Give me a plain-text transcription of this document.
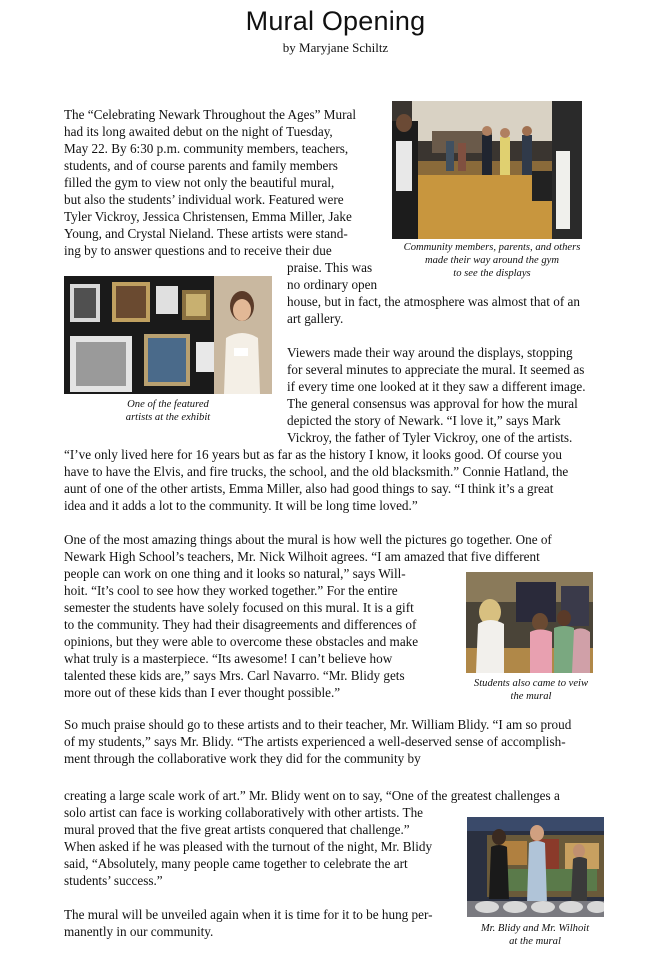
Mural Opening
by Maryjane Schiltz
The “Celebrating Newark Throughout the Ages” Mural
had its long awaited debut on the night of Tuesday,
May 22. By 6:30 p.m. community members, teachers,
students, and of course parents and family members
filled the gym to view not only the beautiful mural,
but also the students’ individual work. Featured were
Tyler Vickroy, Jessica Christensen, Emma Miller, Jake
Young, and Crystal Nieland. These artists were stand-
ing by to answer questions and to receive their due
praise. This was
no ordinary open
house, but in fact, the atmosphere was almost that of an
art gallery.
Viewers made their way around the displays, stopping
for several minutes to appreciate the mural. It seemed as
if every time one looked at it they saw a different image.
The general consensus was approval for how the mural
depicted the story of Newark. “I love it,” says Mark
Vickroy, the father of Tyler Vickroy, one of the artists.
“I’ve only lived here for 16 years but as far as the history I know, it looks good. Of course you
have to have the Elvis, and fire trucks, the school, and the old blacksmith.” Connie Hatland, the
aunt of one of the other artists, Emma Miller, also had good things to say. “I think it’s a great
idea and it adds a lot to the community. It will be long time loved.”
One of the most amazing things about the mural is how well the pictures go together. One of
Newark High School’s teachers, Mr. Nick Wilhoit agrees. “I am amazed that five different
people can work on one thing and it looks so natural,” says Will-
hoit. “It’s cool to see how they worked together.” For the entire
semester the students have solely focused on this mural. It is a gift
to the community. They had their disagreements and differences of
opinions, but they were able to overcome these obstacles and make
what truly is a masterpiece. “Its awesome! I can’t believe how
talented these kids are,” says Mrs. Carl Navarro. “Mr. Blidy gets
more out of these kids than I ever thought possible.”
So much praise should go to these artists and to their teacher, Mr. William Blidy. “I am so proud
of my students,” says Mr. Blidy. “The artists experienced a well-deserved sense of accomplish-
ment through the collaborative work they did for the community by
creating a large scale work of art.” Mr. Blidy went on to say, “One of the greatest challenges a
solo artist can face is working collaboratively with other artists. The
mural proved that the five great artists conquered that challenge.”
When asked if he was pleased with the turnout of the night, Mr. Blidy
said, “Absolutely, many people came together to celebrate the art
students’ success.”
The mural will be unveiled again when it is time for it to be hung per-
manently in our community.
Community members, parents, and others
made their way around the gym
to see the displays
One of the featured
artists at the exhibit
Students also came to veiw
the mural
Mr. Blidy and Mr. Wilhoit
at the mural
